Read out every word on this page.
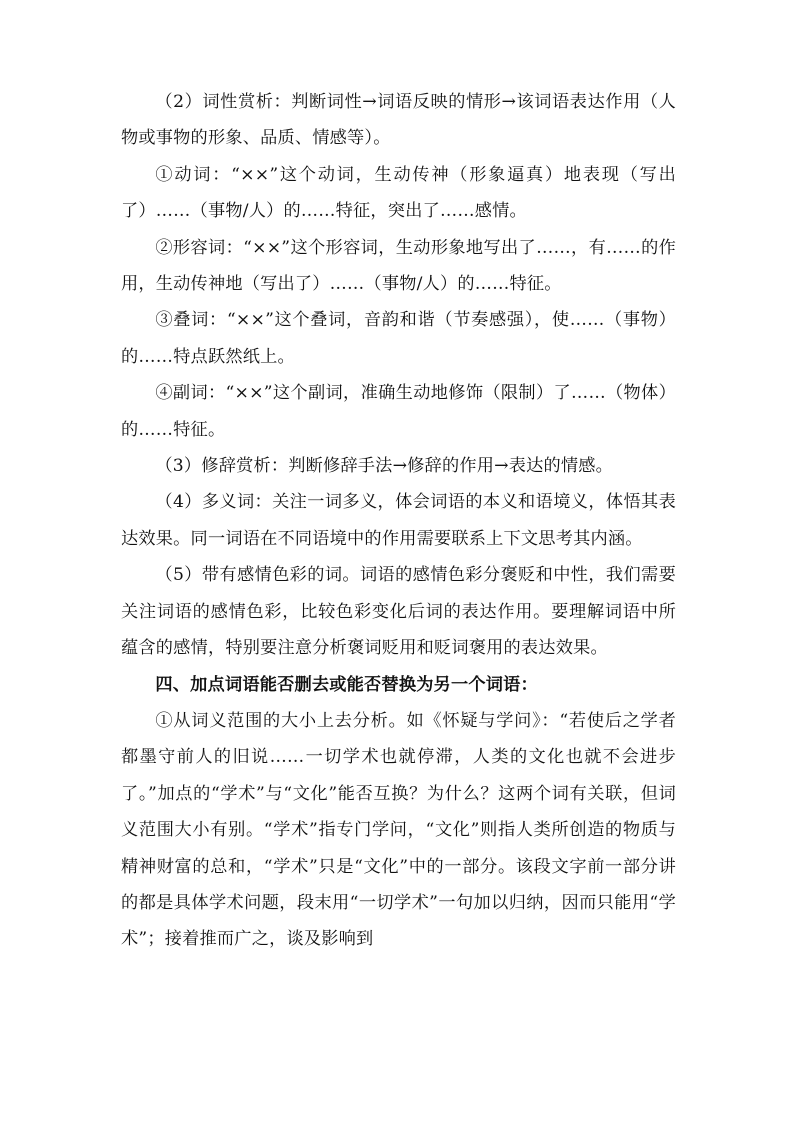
（2）词性赏析：判断词性→词语反映的情形→该词语表达作用（人物或事物的形象、品质、情感等）。

①动词：“××”这个动词，生动传神（形象逼真）地表现（写出了）……（事物/人）的……特征，突出了……感情。

②形容词：“××”这个形容词，生动形象地写出了……，有……的作用，生动传神地（写出了）……（事物/人）的……特征。

③叠词：“××”这个叠词，音韵和谐（节奏感强），使……（事物）的……特点跃然纸上。

④副词：“××”这个副词，准确生动地修饰（限制）了……（物体）的……特征。

（3）修辞赏析：判断修辞手法→修辞的作用→表达的情感。

（4）多义词：关注一词多义，体会词语的本义和语境义，体悟其表达效果。同一词语在不同语境中的作用需要联系上下文思考其内涵。

（5）带有感情色彩的词。词语的感情色彩分褒贬和中性，我们需要关注词语的感情色彩，比较色彩变化后词的表达作用。要理解词语中所蕴含的感情，特别要注意分析褒词贬用和贬词褒用的表达效果。

四、加点词语能否删去或能否替换为另一个词语：

①从词义范围的大小上去分析。如《怀疑与学问》：“若使后之学者都墨守前人的旧说……一切学术也就停滞，人类的文化也就不会进步了。”加点的“学术”与“文化”能否互换？为什么？这两个词有关联，但词义范围大小有别。“学术”指专门学问，“文化”则指人类所创造的物质与精神财富的总和，“学术”只是“文化”中的一部分。该段文字前一部分讲的都是具体学术问题，段末用“一切学术”一句加以归纳，因而只能用“学术”；接着推而广之，谈及影响到
